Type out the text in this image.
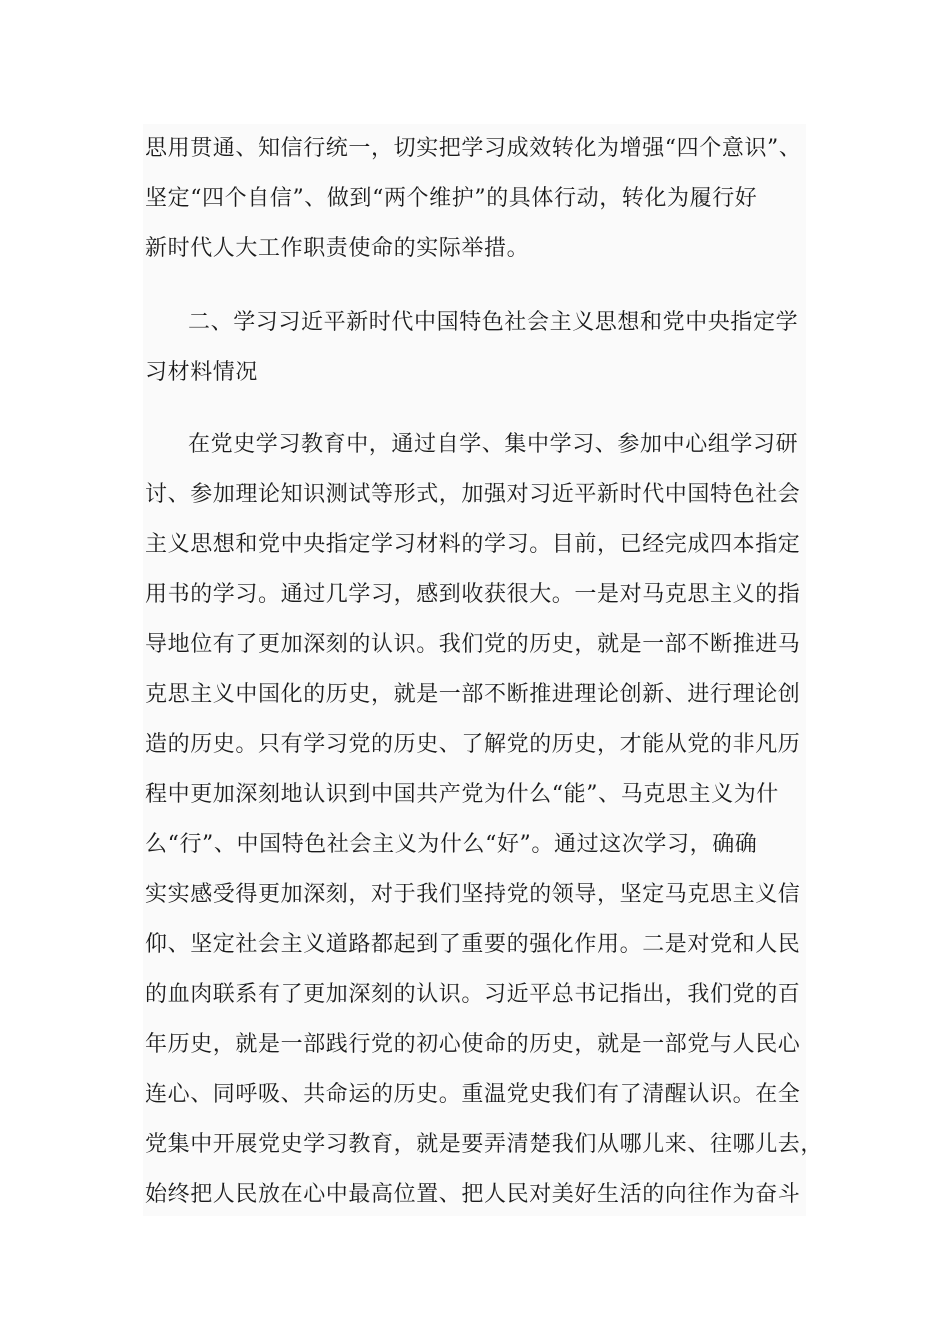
思用贯通、知信行统一，切实把学习成效转化为增强“四个意识”、
坚定“四个自信”、做到“两个维护”的具体行动，转化为履行好
新时代人大工作职责使命的实际举措。
二、学习习近平新时代中国特色社会主义思想和党中央指定学
习材料情况
在党史学习教育中，通过自学、集中学习、参加中心组学习研
讨、参加理论知识测试等形式，加强对习近平新时代中国特色社会
主义思想和党中央指定学习材料的学习。目前，已经完成四本指定
用书的学习。通过几学习，感到收获很大。一是对马克思主义的指
导地位有了更加深刻的认识。我们党的历史，就是一部不断推进马
克思主义中国化的历史，就是一部不断推进理论创新、进行理论创
造的历史。只有学习党的历史、了解党的历史，才能从党的非凡历
程中更加深刻地认识到中国共产党为什么“能”、马克思主义为什
么“行”、中国特色社会主义为什么“好”。通过这次学习，确确
实实感受得更加深刻，对于我们坚持党的领导，坚定马克思主义信
仰、坚定社会主义道路都起到了重要的强化作用。二是对党和人民
的血肉联系有了更加深刻的认识。习近平总书记指出，我们党的百
年历史，就是一部践行党的初心使命的历史，就是一部党与人民心
连心、同呼吸、共命运的历史。重温党史我们有了清醒认识。在全
党集中开展党史学习教育，就是要弄清楚我们从哪儿来、往哪儿去，
始终把人民放在心中最高位置、把人民对美好生活的向往作为奋斗
